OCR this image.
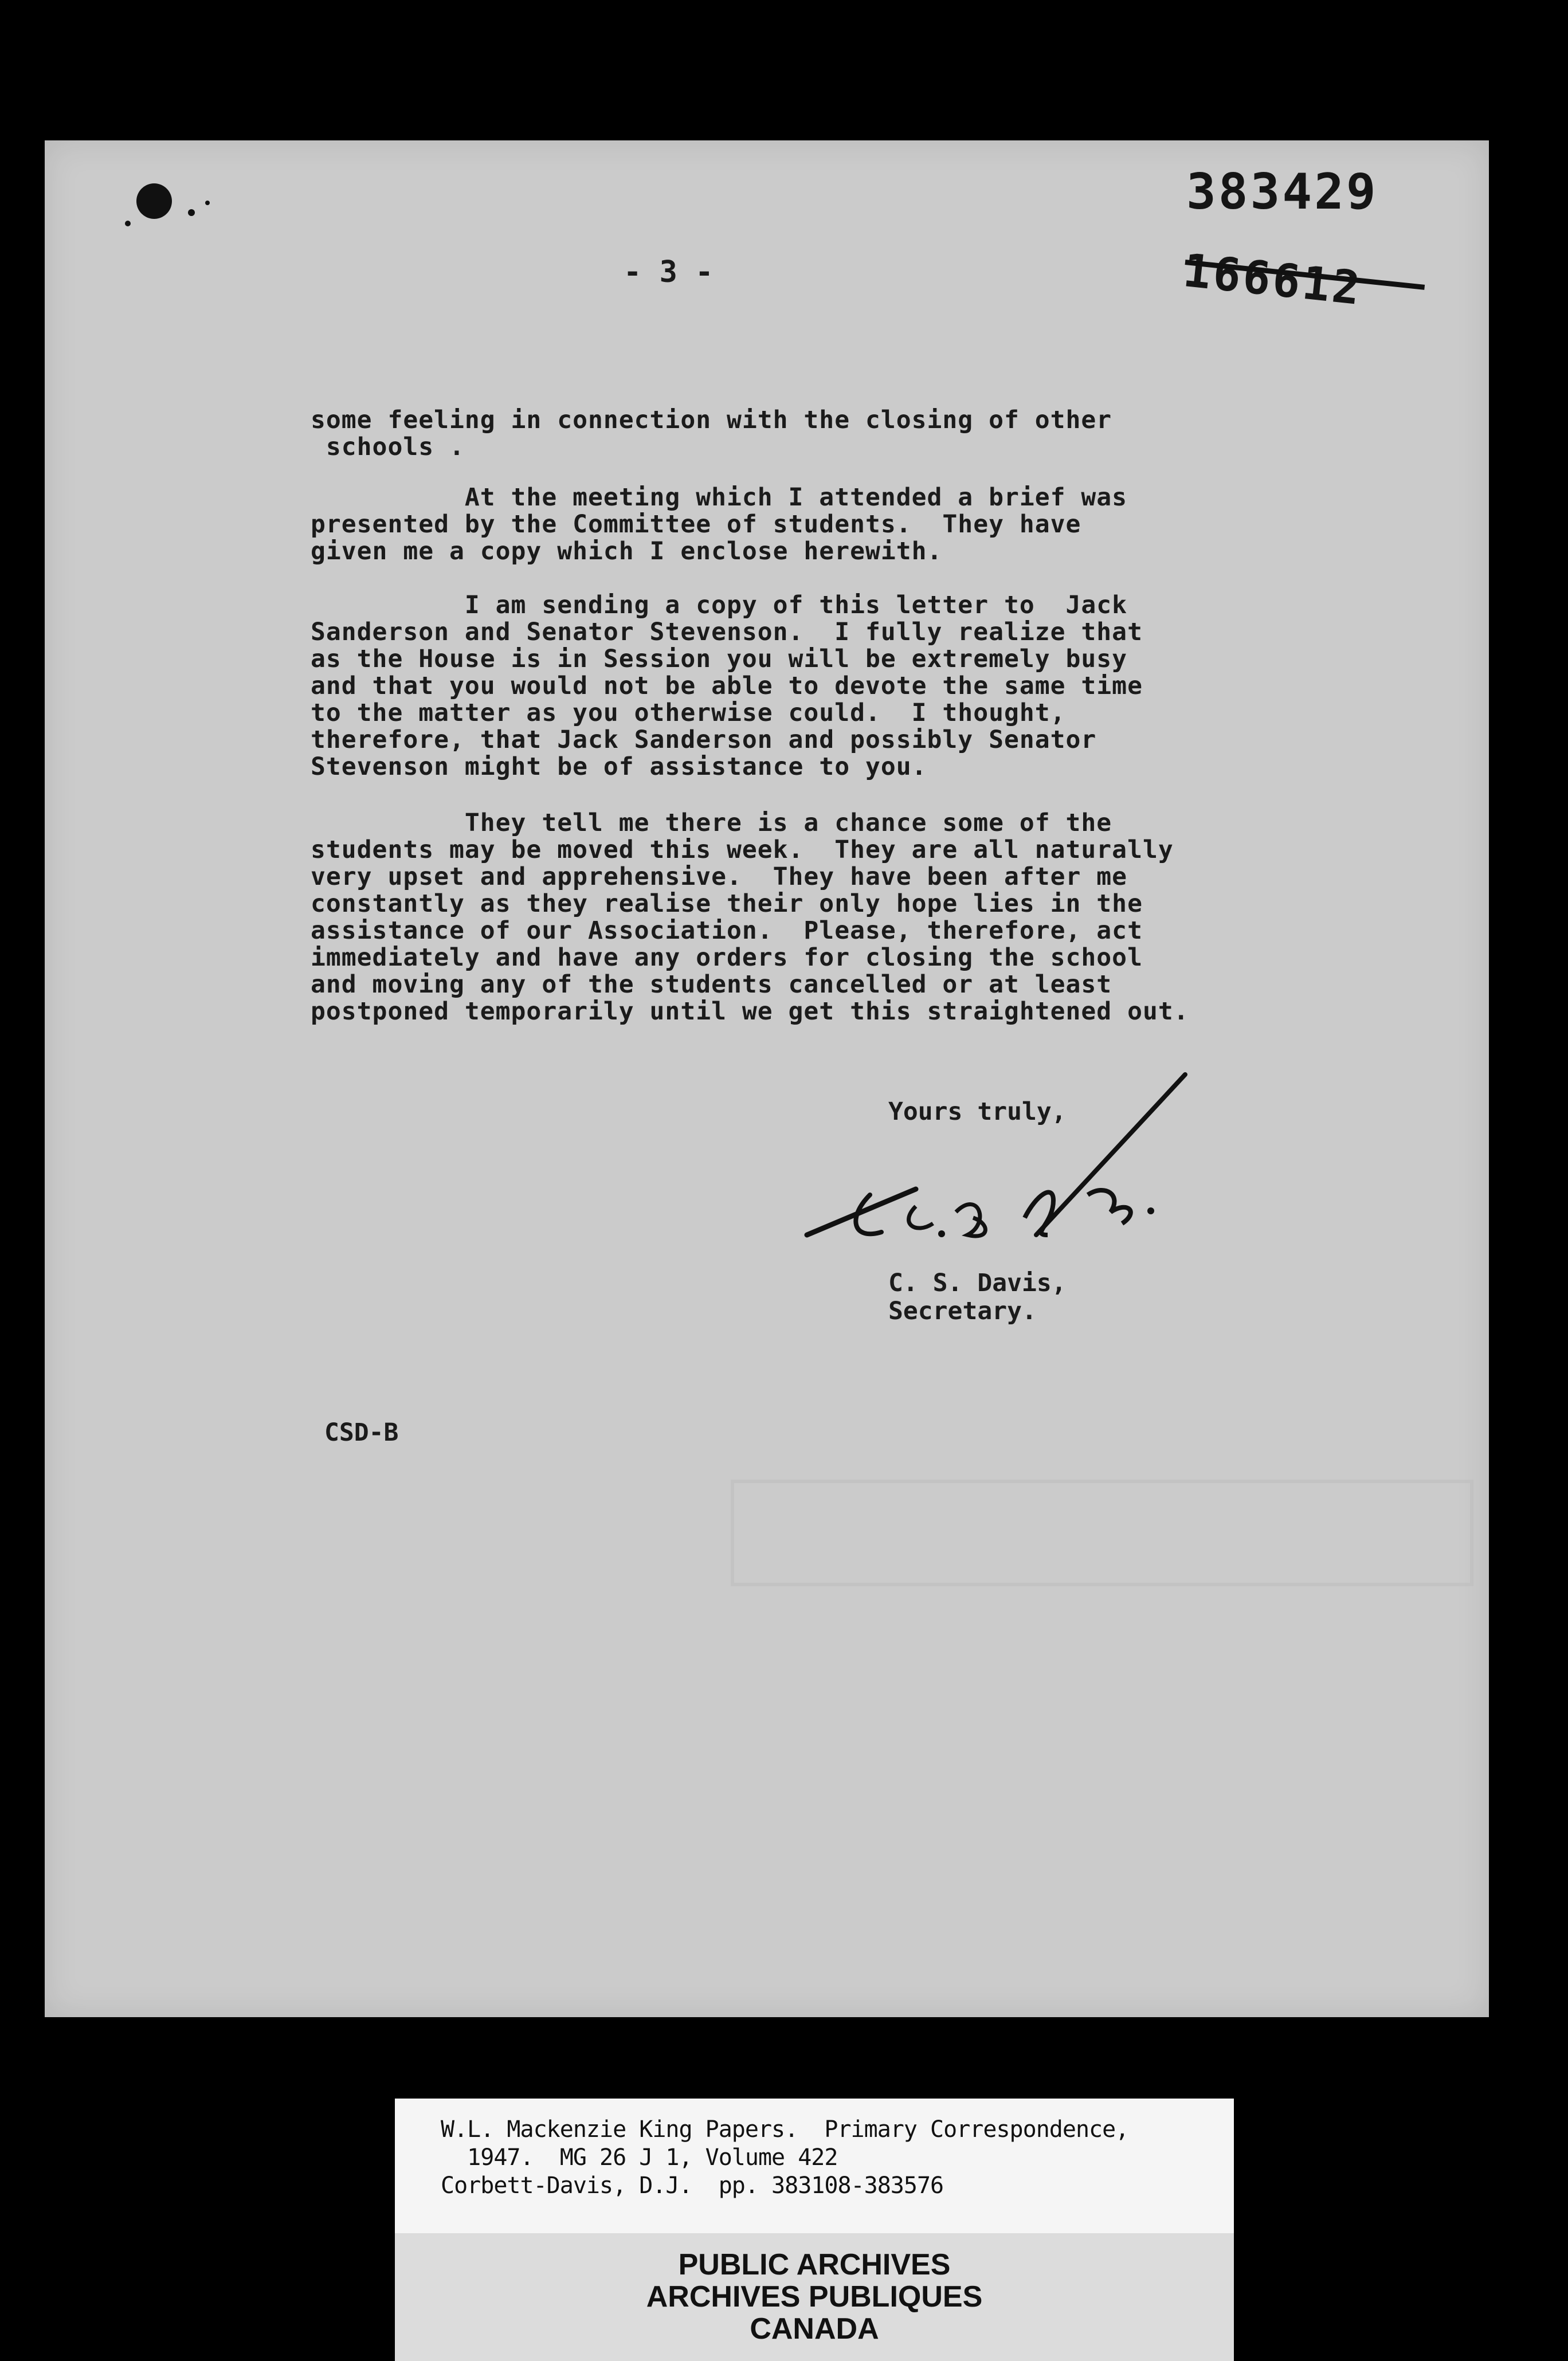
383429
166612
- 3 -
some feeling in connection with the closing of other
schools .
At the meeting which I attended a brief was
presented by the Committee of students.  They have
given me a copy which I enclose herewith.
I am sending a copy of this letter to  Jack
Sanderson and Senator Stevenson.  I fully realize that
as the House is in Session you will be extremely busy
and that you would not be able to devote the same time
to the matter as you otherwise could.  I thought,
therefore, that Jack Sanderson and possibly Senator
Stevenson might be of assistance to you.
They tell me there is a chance some of the
students may be moved this week.  They are all naturally
very upset and apprehensive.  They have been after me
constantly as they realise their only hope lies in the
assistance of our Association.  Please, therefore, act
immediately and have any orders for closing the school
and moving any of the students cancelled or at least
postponed temporarily until we get this straightened out.
Yours truly,
C. S. Davis,
Secretary.
CSD-B
W.L. Mackenzie King Papers.  Primary Correspondence,
1947.  MG 26 J 1, Volume 422
Corbett-Davis, D.J.  pp. 383108-383576
PUBLIC ARCHIVES
ARCHIVES PUBLIQUES
CANADA
